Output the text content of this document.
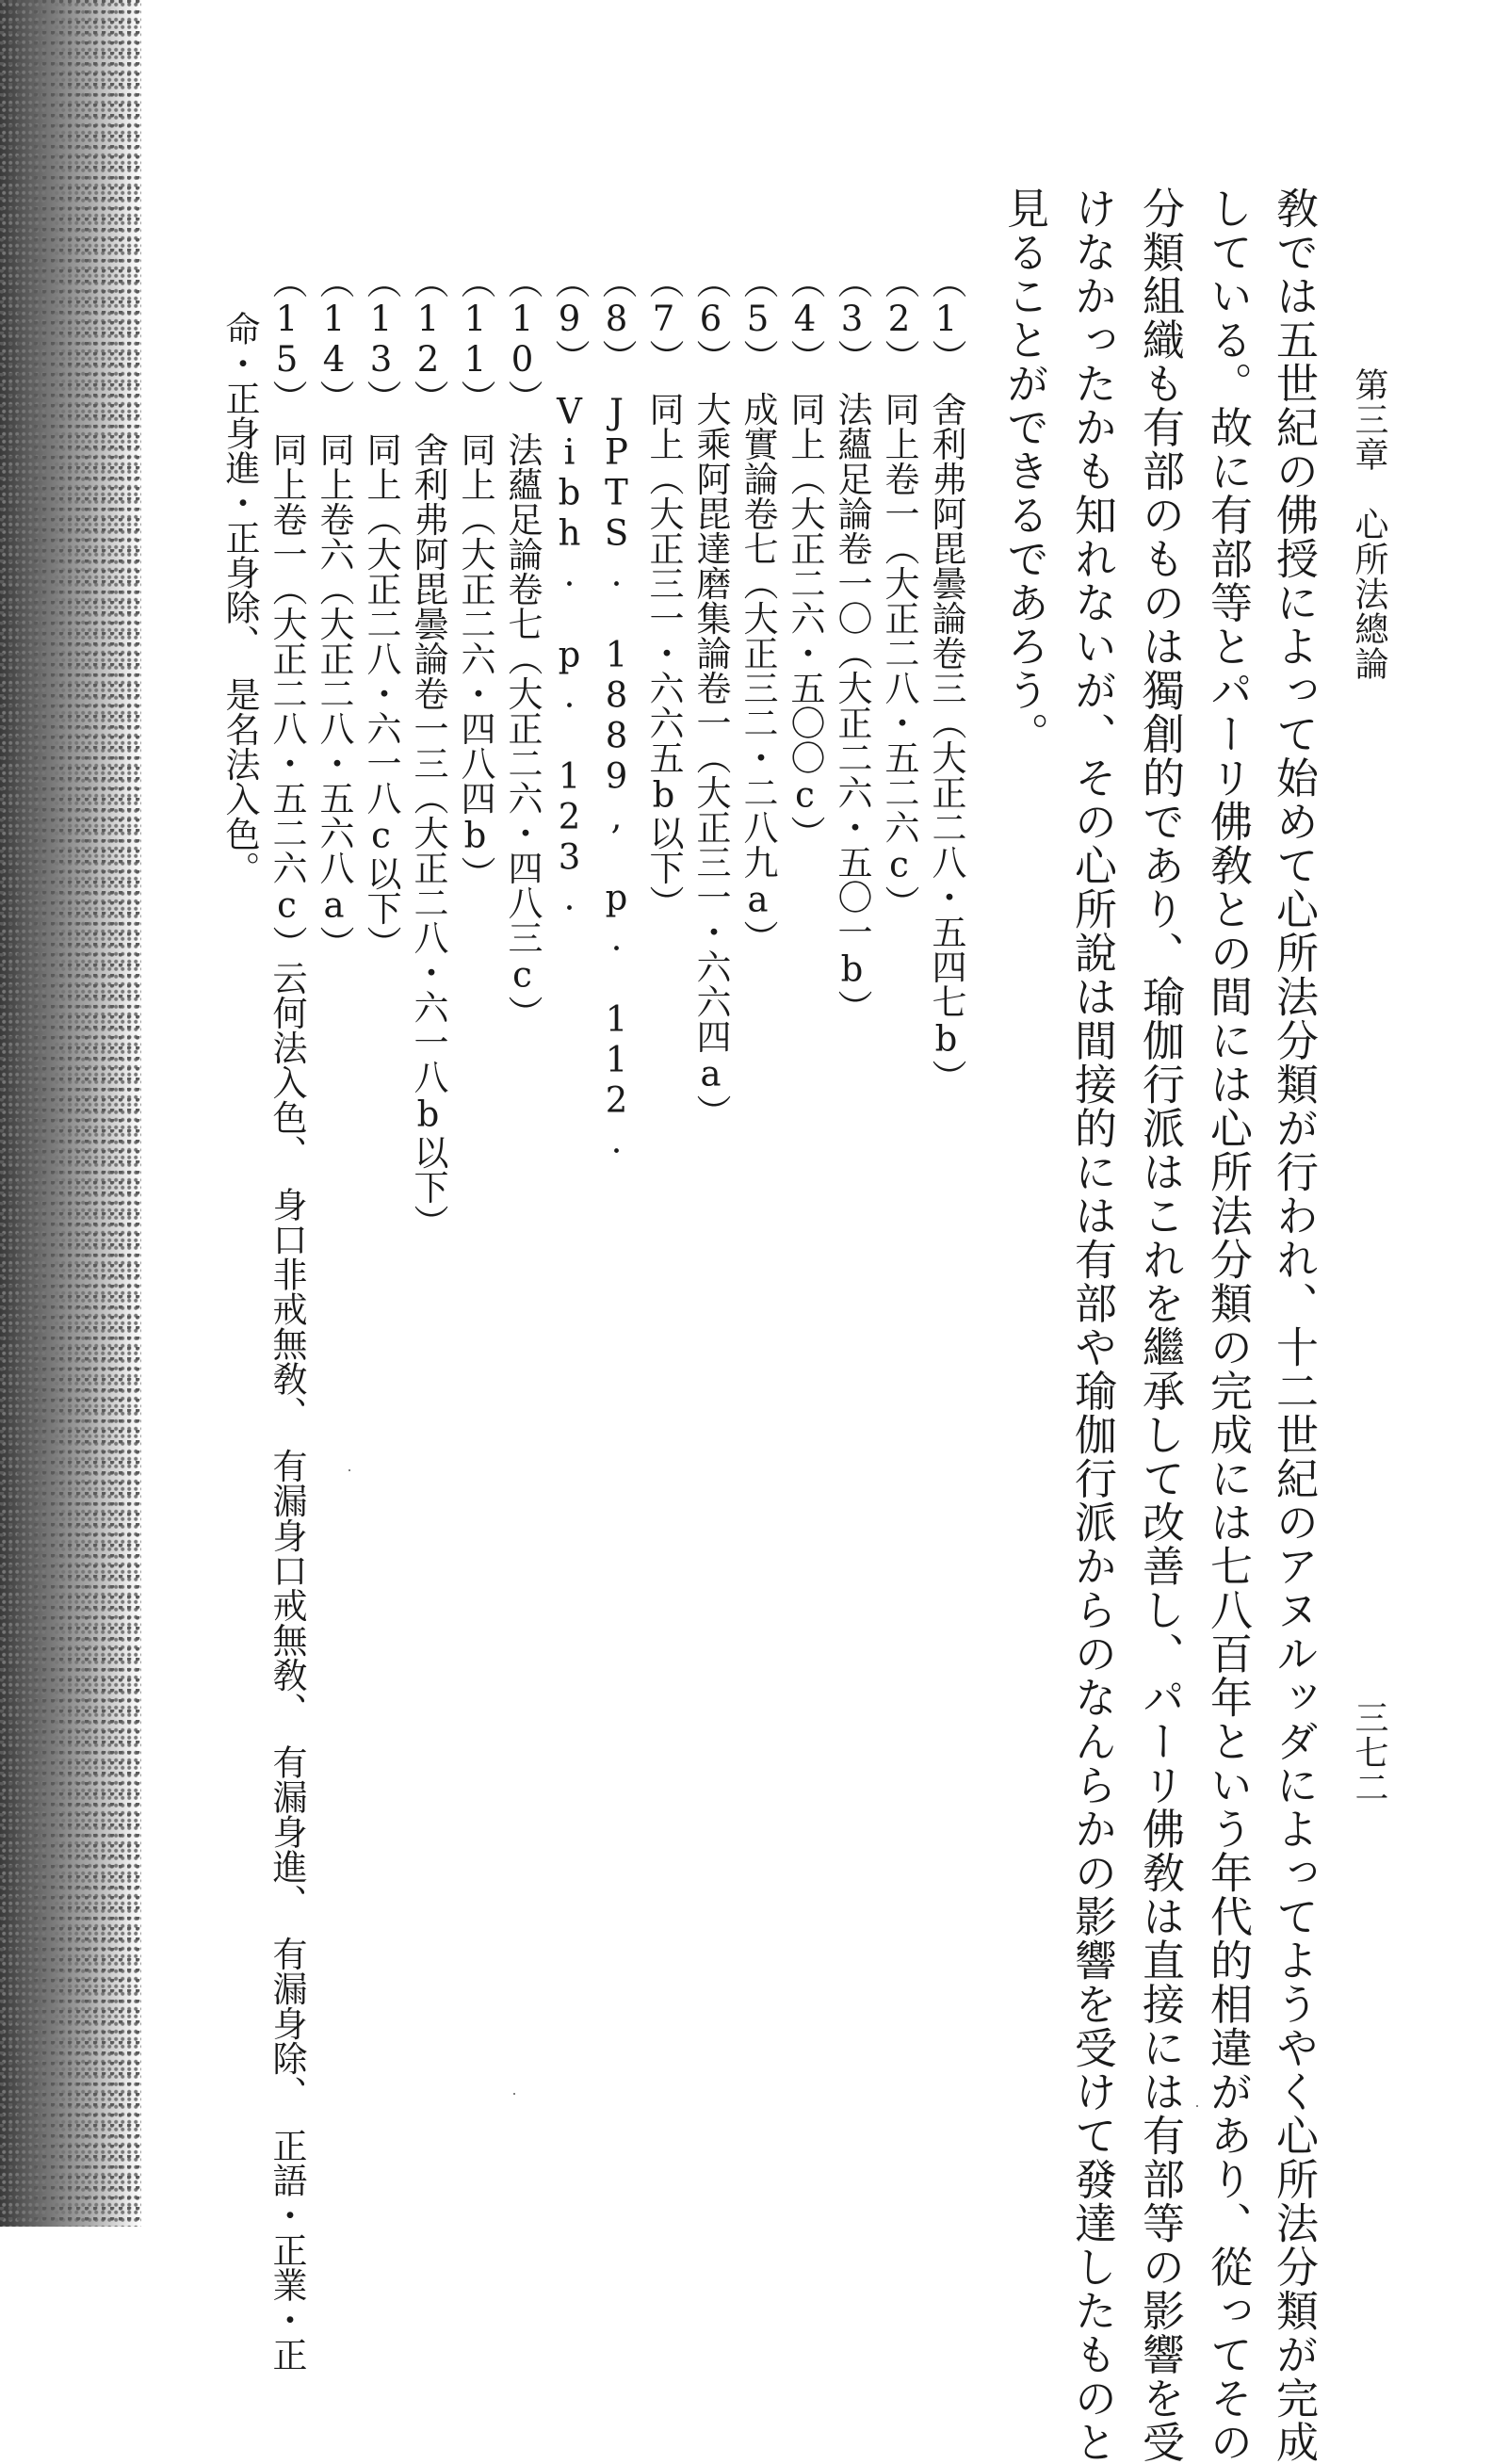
第三章　心所法總論
三七二
敎では五世紀の佛授によって始めて心所法分類が行われ、十二世紀のアヌルッダによってようやく心所法分類が完成
している。故に有部等とパーリ佛敎との間には心所法分類の完成には七八百年という年代的相違があり、從ってその
分類組織も有部のものは獨創的であり、瑜伽行派はこれを繼承して改善し、パーリ佛敎は直接には有部等の影響を受
けなかったかも知れないが、その心所說は間接的には有部や瑜伽行派からのなんらかの影響を受けて發達したものと
見ることができるであろう。
（1）　舍利弗阿毘曇論卷三（大正二八・五四七b）
（2）　同上卷一（大正二八・五二六c）
（3）　法蘊足論卷一〇（大正二六・五〇一b）
（4）　同上（大正二六・五〇〇c）
（5）　成實論卷七（大正三二・二八九a）
（6）　大乘阿毘達磨集論卷一（大正三一・六六四a）
（7）　同上（大正三一・六六五b以下）
（8）　JPTS. 1889, p. 112.
（9）　Vibh. p. 123.
（10）　法蘊足論卷七（大正二六・四八三c）
（11）　同上（大正二六・四八四b）
（12）　舍利弗阿毘曇論卷一三（大正二八・六一八b以下）
（13）　同上（大正二八・六一八c以下）
（14）　同上卷六（大正二八・五六八a）
（15）　同上卷一（大正二八・五二六c）云何法入色、　身口非戒無敎、　有漏身口戒無敎、　有漏身進、　有漏身除、　正語・正業・正
命・正身進・正身除、　是名法入色。
